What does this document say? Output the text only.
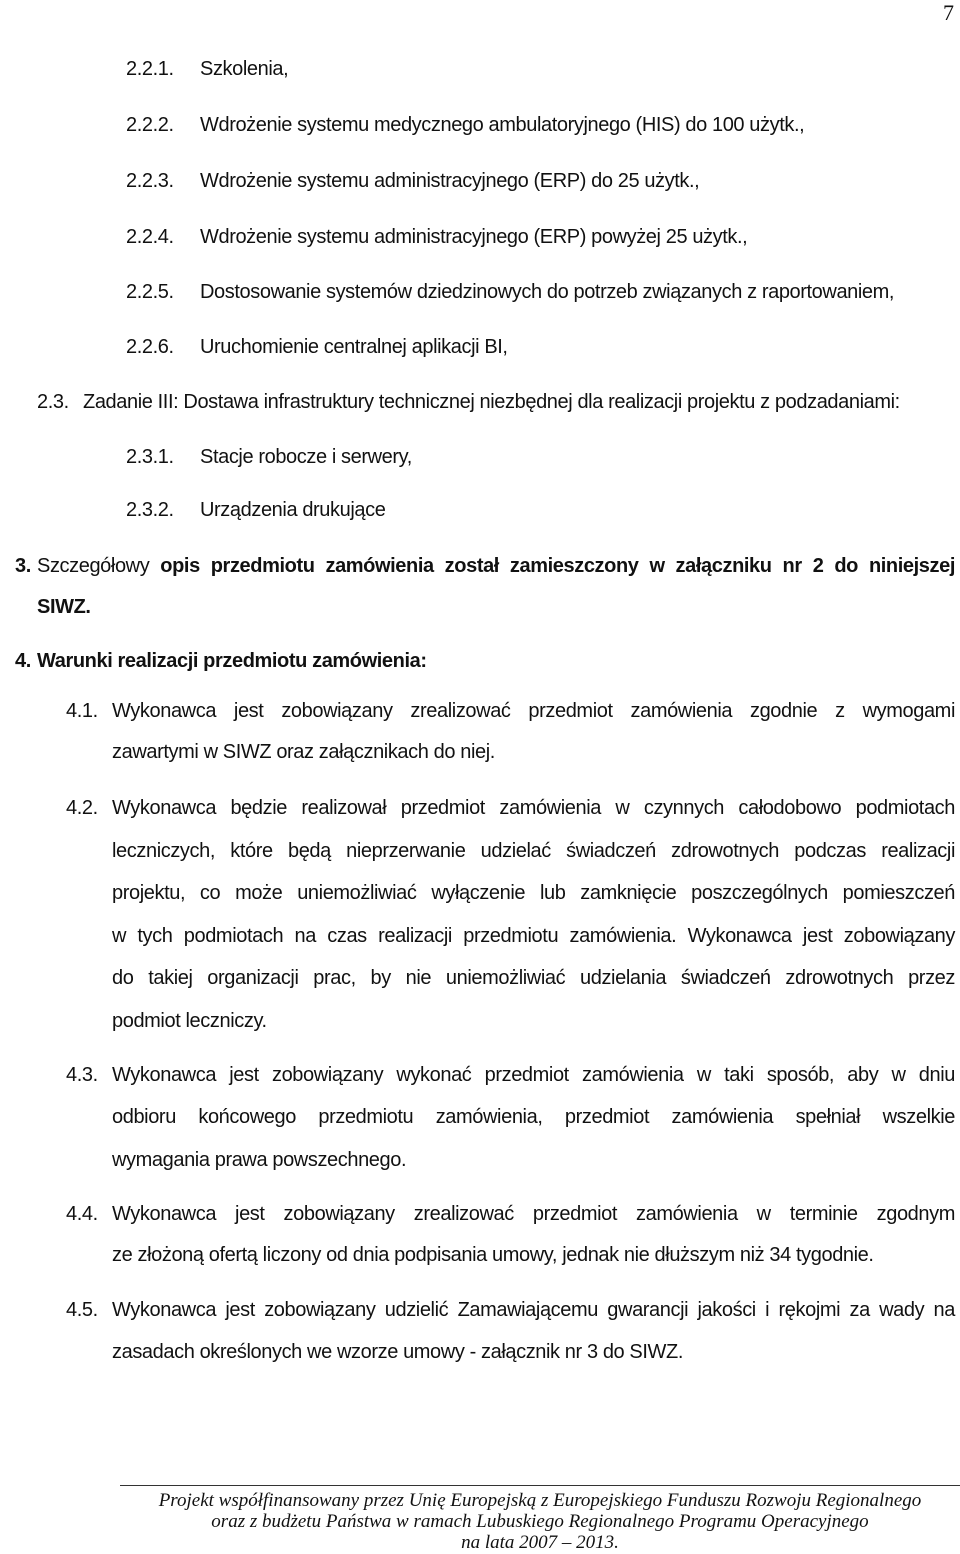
7
2.2.1. Szkolenia,
2.2.2. Wdrożenie systemu medycznego ambulatoryjnego (HIS) do 100 użytk.,
2.2.3. Wdrożenie systemu administracyjnego (ERP) do 25 użytk.,
2.2.4. Wdrożenie systemu administracyjnego (ERP) powyżej 25 użytk.,
2.2.5. Dostosowanie systemów dziedzinowych do potrzeb związanych z raportowaniem,
2.2.6. Uruchomienie centralnej aplikacji BI,
2.3. Zadanie III: Dostawa infrastruktury technicznej niezbędnej dla realizacji projektu z podzadaniami:
2.3.1. Stacje robocze i serwery,
2.3.2. Urządzenia drukujące
3. Szczegółowy opis przedmiotu zamówienia został zamieszczony w załączniku nr 2 do niniejszej
SIWZ.
4. Warunki realizacji przedmiotu zamówienia:
4.1. Wykonawca jest zobowiązany zrealizować przedmiot zamówienia zgodnie z wymogami
zawartymi w SIWZ oraz załącznikach do niej.
4.2. Wykonawca będzie realizował przedmiot zamówienia w czynnych całodobowo podmiotach
leczniczych, które będą nieprzerwanie udzielać świadczeń zdrowotnych podczas realizacji
projektu, co może uniemożliwiać wyłączenie lub zamknięcie poszczególnych pomieszczeń
w tych podmiotach na czas realizacji przedmiotu zamówienia. Wykonawca jest zobowiązany
do takiej organizacji prac, by nie uniemożliwiać udzielania świadczeń zdrowotnych przez
podmiot leczniczy.
4.3. Wykonawca jest zobowiązany wykonać przedmiot zamówienia w taki sposób, aby w dniu
odbioru końcowego przedmiotu zamówienia, przedmiot zamówienia spełniał wszelkie
wymagania prawa powszechnego.
4.4. Wykonawca jest zobowiązany zrealizować przedmiot zamówienia w terminie zgodnym
ze złożoną ofertą liczony od dnia podpisania umowy, jednak nie dłuższym niż 34 tygodnie.
4.5. Wykonawca jest zobowiązany udzielić Zamawiającemu gwarancji jakości i rękojmi za wady na
zasadach określonych we wzorze umowy - załącznik nr 3 do SIWZ.
Projekt współfinansowany przez Unię Europejską z Europejskiego Funduszu Rozwoju Regionalnego
oraz z budżetu Państwa w ramach Lubuskiego Regionalnego Programu Operacyjnego
na lata 2007 – 2013.
